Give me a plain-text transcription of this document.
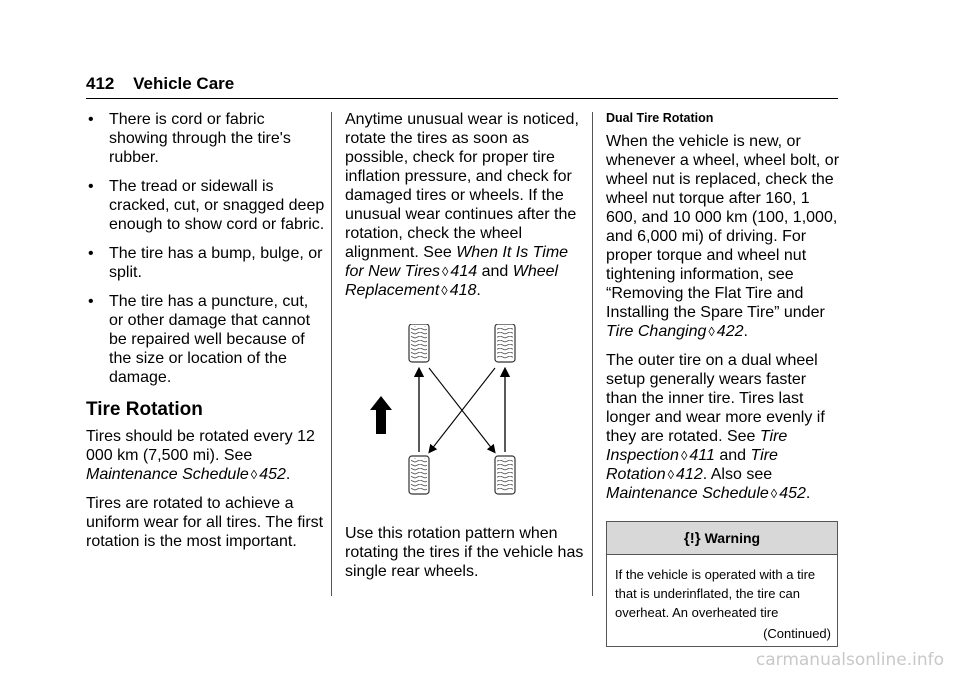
412 Vehicle Care
• There is cord or fabric showing through the tire's rubber.
• The tread or sidewall is cracked, cut, or snagged deep enough to show cord or fabric.
• The tire has a bump, bulge, or split.
• The tire has a puncture, cut, or other damage that cannot be repaired well because of the size or location of the damage.
Tire Rotation

Tires should be rotated every 12 000 km (7,500 mi). See Maintenance Schedule ◊ 452.

Tires are rotated to achieve a uniform wear for all tires. The first rotation is the most important.

Anytime unusual wear is noticed, rotate the tires as soon as possible, check for proper tire inflation pressure, and check for damaged tires or wheels. If the unusual wear continues after the rotation, check the wheel alignment. See When It Is Time for New Tires ◊ 414 and Wheel Replacement ◊ 418.

Use this rotation pattern when rotating the tires if the vehicle has single rear wheels.

Dual Tire Rotation

When the vehicle is new, or whenever a wheel, wheel bolt, or wheel nut is replaced, check the wheel nut torque after 160, 1 600, and 10 000 km (100, 1,000, and 6,000 mi) of driving. For proper torque and wheel nut tightening information, see “Removing the Flat Tire and Installing the Spare Tire” under Tire Changing ◊ 422.

The outer tire on a dual wheel setup generally wears faster than the inner tire. Tires last longer and wear more evenly if they are rotated. See Tire Inspection ◊ 411 and Tire Rotation ◊ 412. Also see Maintenance Schedule ◊ 452.

{!} Warning
If the vehicle is operated with a tire that is underinflated, the tire can overheat. An overheated tire
(Continued)
carmanualsonline.info
